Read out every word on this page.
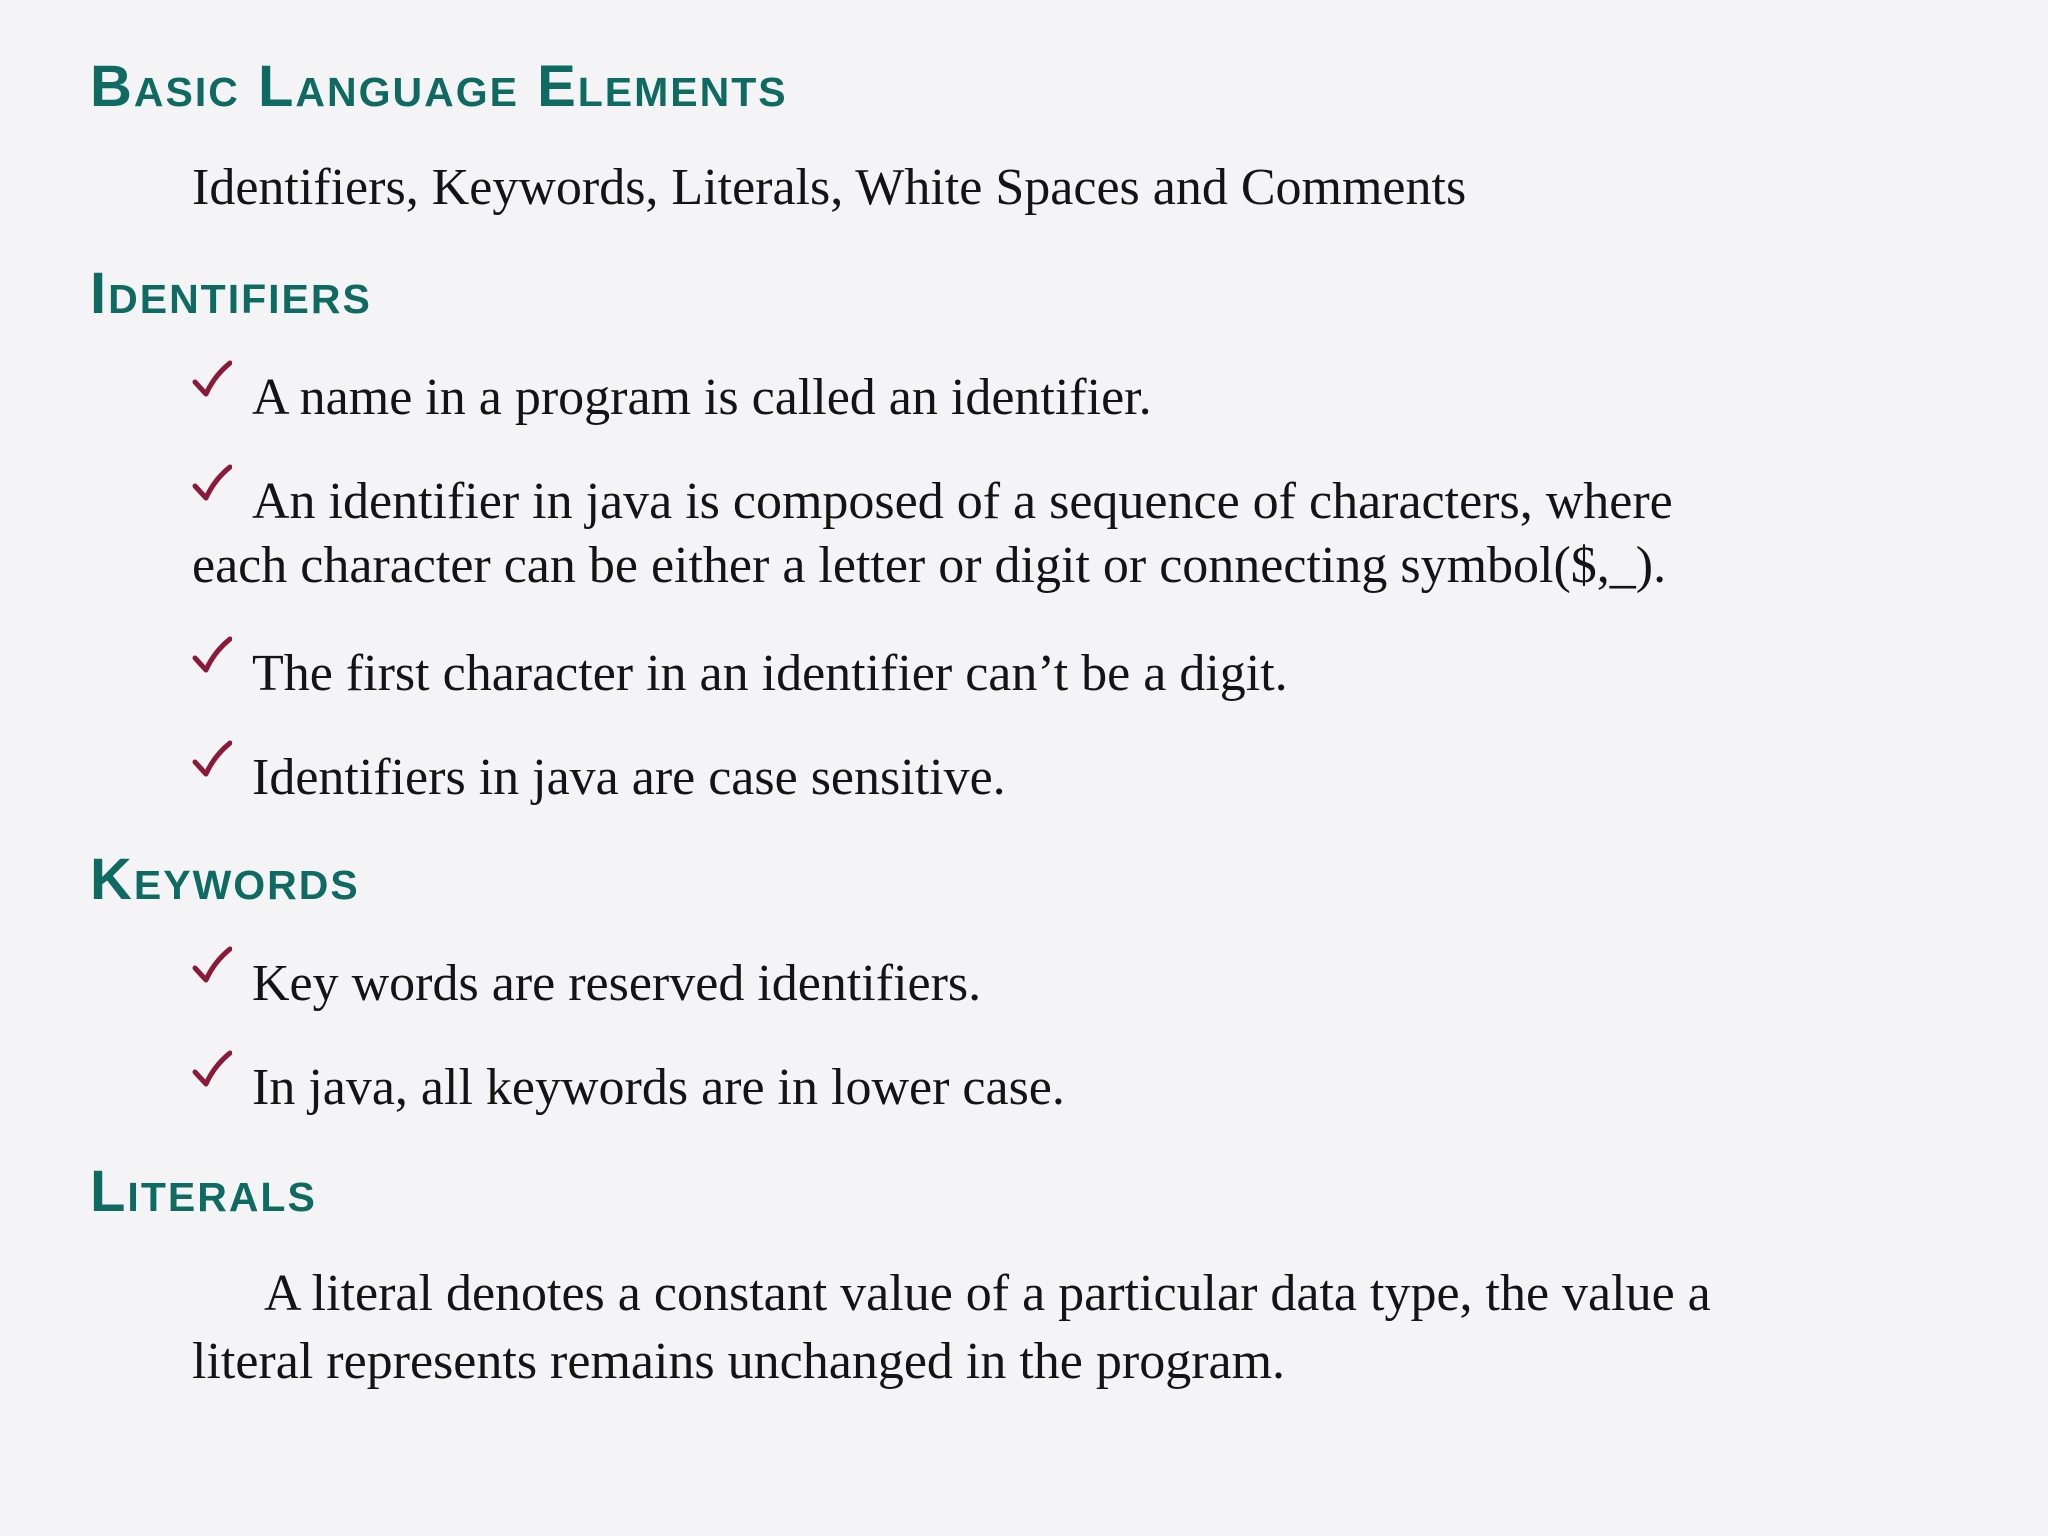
Basic Language Elements

Identifiers, Keywords, Literals, White Spaces and Comments

Identifiers
A name in a program is called an identifier.
An identifier in java is composed of a sequence of characters, where

each character can be either a letter or digit or connecting symbol($,_).

The first character in an identifier can’t be a digit.
Identifiers in java are case sensitive.
Keywords
Key words are reserved identifiers.
In java, all keywords are in lower case.
Literals

A literal denotes a constant value of a particular data type, the value a

literal represents remains unchanged in the program.
